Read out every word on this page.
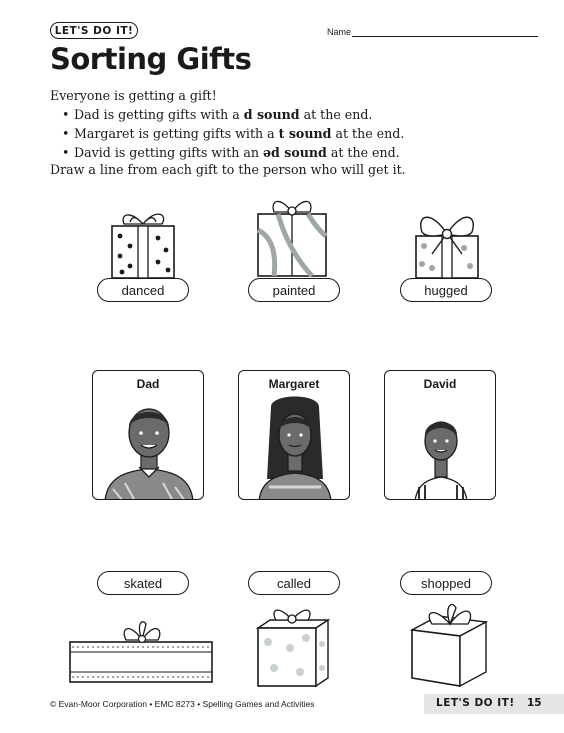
LET'S DO IT!	Name
Sorting Gifts
Everyone is getting a gift!
• Dad is getting gifts with a d sound at the end.
• Margaret is getting gifts with a t sound at the end.
• David is getting gifts with an əd sound at the end.
Draw a line from each gift to the person who will get it.
danced	painted	hugged
Dad	Margaret	David
skated	called	shopped
© Evan-Moor Corporation • EMC 8273 • Spelling Games and Activities	LET'S DO IT! 15
